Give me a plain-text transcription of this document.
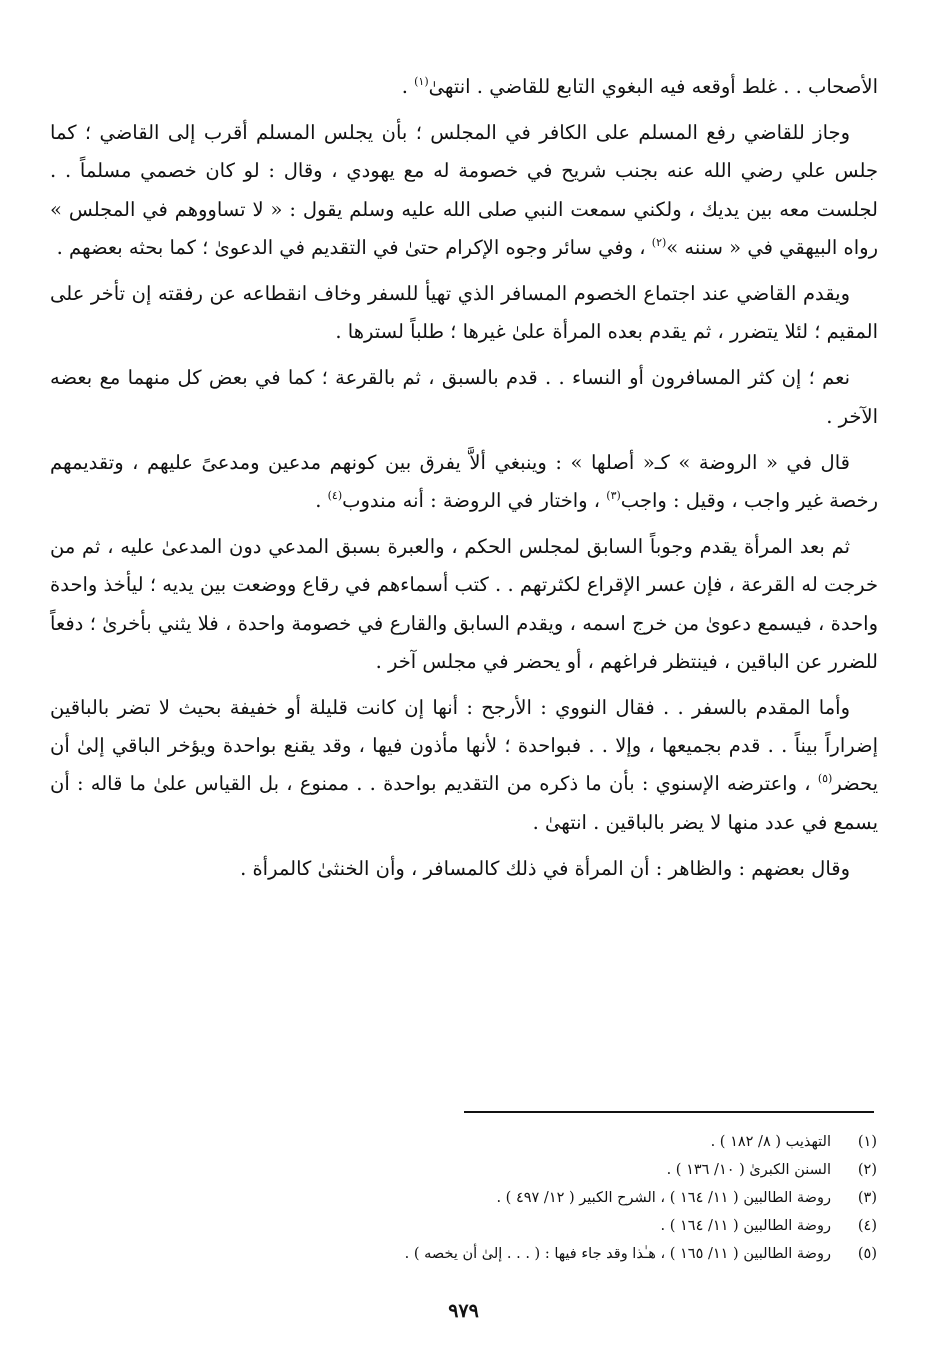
الأصحاب . . غلط أوقعه فيه البغوي التابع للقاضي . انتهىٰ$^{(١)}$ .

وجاز للقاضي رفع المسلم على الكافر في المجلس ؛ بأن يجلس المسلم أقرب إلى القاضي ؛ كما جلس علي رضي الله عنه بجنب شريح في خصومة له مع يهودي ، وقال : لو كان خصمي مسلماً . . لجلست معه بين يديك ، ولكني سمعت النبي صلى الله عليه وسلم يقول : « لا تساووهم في المجلس » رواه البيهقي في « سننه »$^{(٢)}$ ، وفي سائر وجوه الإكرام حتىٰ في التقديم في الدعوىٰ ؛ كما بحثه بعضهم .

ويقدم القاضي عند اجتماع الخصوم المسافر الذي تهيأ للسفر وخاف انقطاعه عن رفقته إن تأخر على المقيم ؛ لئلا يتضرر ، ثم يقدم بعده المرأة علىٰ غيرها ؛ طلباً لسترها .

نعم ؛ إن كثر المسافرون أو النساء . . قدم بالسبق ، ثم بالقرعة ؛ كما في بعض كل منهما مع بعضه الآخر .

قال في « الروضة » كـ« أصلها » : وينبغي ألاَّ يفرق بين كونهم مدعين ومدعىً عليهم ، وتقديمهم رخصة غير واجب ، وقيل : واجب$^{(٣)}$ ، واختار في الروضة : أنه مندوب$^{(٤)}$ .

ثم بعد المرأة يقدم وجوباً السابق لمجلس الحكم ، والعبرة بسبق المدعي دون المدعىٰ عليه ، ثم من خرجت له القرعة ، فإن عسر الإقراع لكثرتهم . . كتب أسماءهم في رقاع ووضعت بين يديه ؛ ليأخذ واحدة واحدة ، فيسمع دعوىٰ من خرج اسمه ، ويقدم السابق والقارع في خصومة واحدة ، فلا يثني بأخرىٰ ؛ دفعاً للضرر عن الباقين ، فينتظر فراغهم ، أو يحضر في مجلس آخر .

وأما المقدم بالسفر . . فقال النووي : الأرجح : أنها إن كانت قليلة أو خفيفة بحيث لا تضر بالباقين إضراراً بيناً . . قدم بجميعها ، وإلا . . فبواحدة ؛ لأنها مأذون فيها ، وقد يقنع بواحدة ويؤخر الباقي إلىٰ أن يحضر$^{(٥)}$ ، واعترضه الإسنوي : بأن ما ذكره من التقديم بواحدة . . ممنوع ، بل القياس علىٰ ما قاله : أن يسمع في عدد منها لا يضر بالباقين . انتهىٰ .

وقال بعضهم : والظاهر : أن المرأة في ذلك كالمسافر ، وأن الخنثىٰ كالمرأة .

(١)
التهذيب ( ٨/ ١٨٢ ) .
(٢)
السنن الكبرىٰ ( ١٠/ ١٣٦ ) .
(٣)
روضة الطالبين ( ١١/ ١٦٤ ) ، الشرح الكبير ( ١٢/ ٤٩٧ ) .
(٤)
روضة الطالبين ( ١١/ ١٦٤ ) .
(٥)
روضة الطالبين ( ١١/ ١٦٥ ) ، هـٰذا وقد جاء فيها : ( . . . إلىٰ أن يخصه ) .
٩٧٩
